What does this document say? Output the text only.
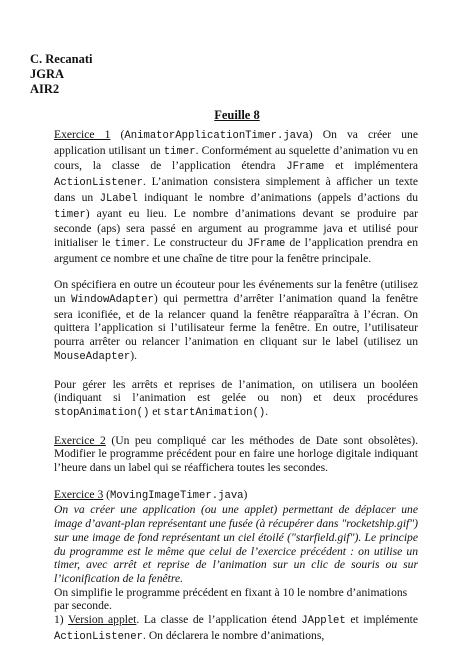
C. Recanati
JGRA
AIR2
Feuille 8

Exercice 1 (AnimatorApplicationTimer.java) On va créer une application utilisant un timer. Conformément au squelette d’animation vu en cours, la classe de l’application étendra JFrame et implémentera ActionListener. L’animation consistera simplement à afficher un texte dans un JLabel indiquant le nombre d’animations (appels d’actions du timer) ayant eu lieu. Le nombre d’animations devant se produire par seconde (aps) sera passé en argument au programme java et utilisé pour initialiser le timer. Le constructeur du JFrame de l’application prendra en argument ce nombre et une chaîne de titre pour la fenêtre principale.

On spécifiera en outre un écouteur pour les événements sur la fenêtre (utilisez un WindowAdapter) qui permettra d’arrêter l’animation quand la fenêtre sera iconifiée, et de la relancer quand la fenêtre réapparaîtra à l’écran. On quittera l’application si l’utilisateur ferme la fenêtre. En outre, l’utilisateur pourra arrêter ou relancer l’animation en cliquant sur le label (utilisez un MouseAdapter).

Pour gérer les arrêts et reprises de l’animation, on utilisera un booléen (indiquant si l’animation est gelée ou non) et deux procédures stopAnimation() et startAnimation().

Exercice 2 (Un peu compliqué car les méthodes de Date sont obsolètes). Modifier le programme précédent pour en faire une horloge digitale indiquant l’heure dans un label qui se réaffichera toutes les secondes.

Exercice 3 (MovingImageTimer.java)

On va créer une application (ou une applet) permettant de déplacer une image d’avant-plan représentant une fusée (à récupérer dans "rocketship.gif") sur une image de fond représentant un ciel étoilé ("starfield.gif"). Le principe du programme est le même que celui de l’exercice précédent : on utilise un timer, avec arrêt et reprise de l’animation sur un clic de souris ou sur l’iconification de la fenêtre.

On simplifie le programme précédent en fixant à 10 le nombre d’animations par seconde.

1) Version applet. La classe de l’application étend JApplet et implémente ActionListener. On déclarera le nombre d’animations,
